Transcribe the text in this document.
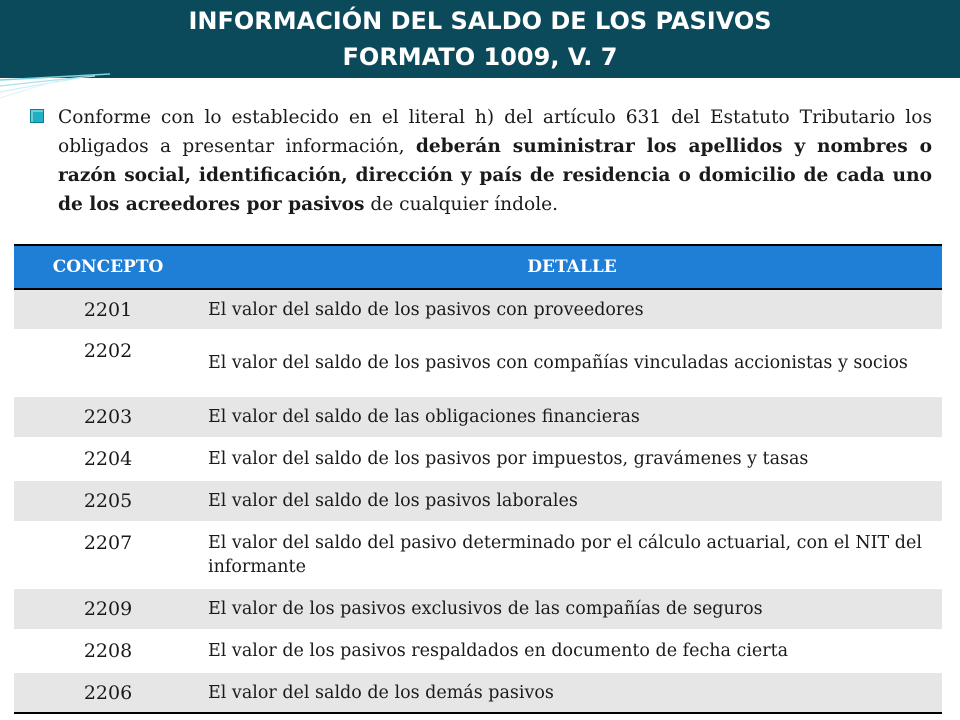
INFORMACIÓN DEL SALDO DE LOS PASIVOS
FORMATO 1009, V. 7

Conforme con lo establecido en el literal h) del artículo 631 del Estatuto Tributario los obligados a presentar información, deberán suministrar los apellidos y nombres o razón social, identificación, dirección y país de residencia o domicilio de cada uno de los acreedores por pasivos de cualquier índole.

CONCEPTO	DETALLE
2201	El valor del saldo de los pasivos con proveedores
2202	El valor del saldo de los pasivos con compañías vinculadas accionistas y socios
2203	El valor del saldo de las obligaciones financieras
2204	El valor del saldo de los pasivos por impuestos, gravámenes y tasas
2205	El valor del saldo de los pasivos laborales
2207	El valor del saldo del pasivo determinado por el cálculo actuarial, con el NIT del informante
2209	El valor de los pasivos exclusivos de las compañías de seguros
2208	El valor de los pasivos respaldados en documento de fecha cierta
2206	El valor del saldo de los demás pasivos
